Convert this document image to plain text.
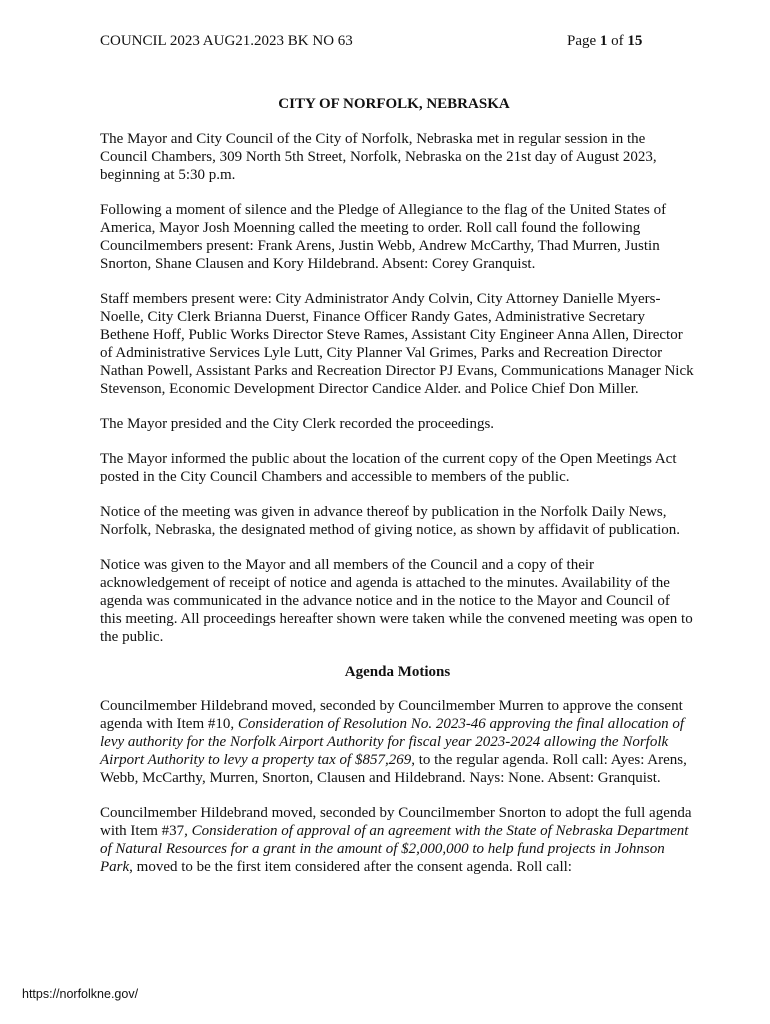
COUNCIL 2023 AUG21.2023 BK NO 63	Page 1 of 15
CITY OF NORFOLK, NEBRASKA

The Mayor and City Council of the City of Norfolk, Nebraska met in regular session in the Council Chambers, 309 North 5th Street, Norfolk, Nebraska on the 21st day of August 2023, beginning at 5:30 p.m.

Following a moment of silence and the Pledge of Allegiance to the flag of the United States of America, Mayor Josh Moenning called the meeting to order. Roll call found the following Councilmembers present: Frank Arens, Justin Webb, Andrew McCarthy, Thad Murren, Justin Snorton, Shane Clausen and Kory Hildebrand. Absent: Corey Granquist.

Staff members present were: City Administrator Andy Colvin, City Attorney Danielle Myers-Noelle, City Clerk Brianna Duerst, Finance Officer Randy Gates, Administrative Secretary Bethene Hoff, Public Works Director Steve Rames, Assistant City Engineer Anna Allen, Director of Administrative Services Lyle Lutt, City Planner Val Grimes, Parks and Recreation Director Nathan Powell, Assistant Parks and Recreation Director PJ Evans, Communications Manager Nick Stevenson, Economic Development Director Candice Alder. and Police Chief Don Miller.

The Mayor presided and the City Clerk recorded the proceedings.

The Mayor informed the public about the location of the current copy of the Open Meetings Act posted in the City Council Chambers and accessible to members of the public.

Notice of the meeting was given in advance thereof by publication in the Norfolk Daily News, Norfolk, Nebraska, the designated method of giving notice, as shown by affidavit of publication.

Notice was given to the Mayor and all members of the Council and a copy of their acknowledgement of receipt of notice and agenda is attached to the minutes. Availability of the agenda was communicated in the advance notice and in the notice to the Mayor and Council of this meeting. All proceedings hereafter shown were taken while the convened meeting was open to the public.

Agenda Motions

Councilmember Hildebrand moved, seconded by Councilmember Murren to approve the consent agenda with Item #10, Consideration of Resolution No. 2023-46 approving the final allocation of levy authority for the Norfolk Airport Authority for fiscal year 2023-2024 allowing the Norfolk Airport Authority to levy a property tax of $857,269, to the regular agenda. Roll call: Ayes: Arens, Webb, McCarthy, Murren, Snorton, Clausen and Hildebrand. Nays: None. Absent: Granquist.

Councilmember Hildebrand moved, seconded by Councilmember Snorton to adopt the full agenda with Item #37, Consideration of approval of an agreement with the State of Nebraska Department of Natural Resources for a grant in the amount of $2,000,000 to help fund projects in Johnson Park, moved to be the first item considered after the consent agenda. Roll call:

https://norfolkne.gov/
